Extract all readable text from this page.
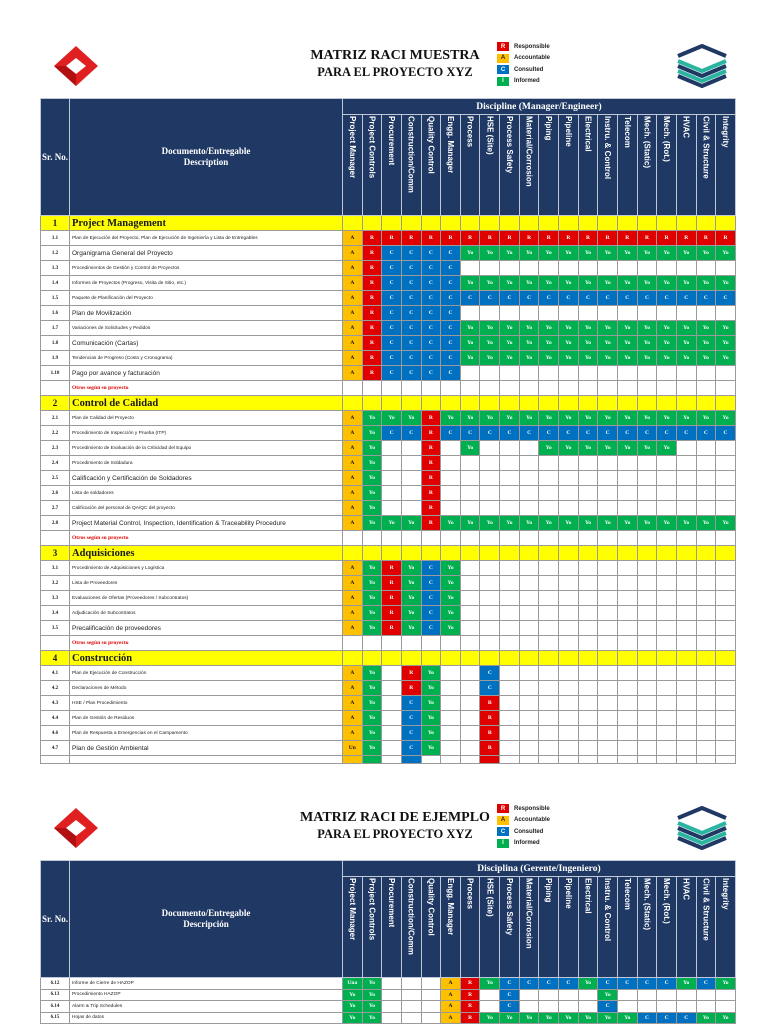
MATRIZ RACI MUESTRA
PARA EL PROYECTO XYZ
R	Responsible
A	Accountable
C	Consulted
I	Informed
Sr. No.	Documento/Entregable
Description	Discipline (Manager/Engineer)																			

		Project Manager	Project Controls	Procurement	Construction/Comm	Quality Control	Engg. Manager	Process	HSE (Site)	Process Safety	Material/Corrosion	Piping	Pipeline	Electrical	Instru. & Control	Telecom	Mech. (Static)	Mech. (Rot.)	HVAC	Civil & Structure	Integrity

1	Project Management																				
1.1	Plan de Ejecución del Proyecto, Plan de Ejecución de Ingeniería y Lista de Entregables	A	R	R	R	R	R	R	R	R	R	R	R	R	R	R	R	R	R	R	R
1.2	Organigrama General del Proyecto	A	R	C	C	C	C	Yo	Yo	Yo	Yo	Yo	Yo	Yo	Yo	Yo	Yo	Yo	Yo	Yo	Yo
1.3	Procedimientos de Gestión y Control de Proyectos	A	R	C	C	C	C														
1.4	Informes de Proyectos (Progreso, Visita de Sitio, etc.)	A	R	C	C	C	C	Yo	Yo	Yo	Yo	Yo	Yo	Yo	Yo	Yo	Yo	Yo	Yo	Yo	Yo
1.5	Paquete de Planificación del Proyecto	A	R	C	C	C	C	C	C	C	C	C	C	C	C	C	C	C	C	C	C
1.6	Plan de Movilización	A	R	C	C	C	C														
1.7	Variaciones de Solicitudes y Pedidos	A	R	C	C	C	C	Yo	Yo	Yo	Yo	Yo	Yo	Yo	Yo	Yo	Yo	Yo	Yo	Yo	Yo
1.8	Comunicación (Cartas)	A	R	C	C	C	C	Yo	Yo	Yo	Yo	Yo	Yo	Yo	Yo	Yo	Yo	Yo	Yo	Yo	Yo
1.9	Tendencias de Progreso (Costo y Cronograma)	A	R	C	C	C	C	Yo	Yo	Yo	Yo	Yo	Yo	Yo	Yo	Yo	Yo	Yo	Yo	Yo	Yo
1.10	Pago por avance y facturación	A	R	C	C	C	C														
	Otros según su proyecto																				
2	Control de Calidad																				
2.1	Plan de Calidad del Proyecto	A	Yo	Yo	Yo	R	Yo	Yo	Yo	Yo	Yo	Yo	Yo	Yo	Yo	Yo	Yo	Yo	Yo	Yo	Yo
2.2	Procedimiento de Inspección y Prueba (ITP)	A	Yo	C	C	R	C	C	C	C	C	C	C	C	C	C	C	C	C	C	C
2.3	Procedimiento de Evaluación de la Criticidad del Equipo	A	Yo			R		Yo				Yo	Yo	Yo	Yo	Yo	Yo	Yo			
2.4	Procedimiento de Soldadura	A	Yo			R															
2.5	Calificación y Certificación de Soldadores	A	Yo			R															
2.6	Lista de soldadores	A	Yo			R															
2.7	Calificación del personal de QA/QC del proyecto	A	Yo			R															
2.8	Project Material Control, Inspection, Identification & Traceability Procedure	A	Yo	Yo	Yo	R	Yo	Yo	Yo	Yo	Yo	Yo	Yo	Yo	Yo	Yo	Yo	Yo	Yo	Yo	Yo
	Otros según su proyecto																				
3	Adquisiciones																				
3.1	Procedimiento de Adquisiciones y Logística	A	Yo	R	Yo	C	Yo														
3.2	Lista de Proveedores	A	Yo	R	Yo	C	Yo														
3.3	Evaluaciones de Ofertas (Proveedores / Subcontratos)	A	Yo	R	Yo	C	Yo														
3.4	Adjudicación de Subcontratos	A	Yo	R	Yo	C	Yo														
3.5	Precalificación de proveedores	A	Yo	R	Yo	C	Yo														
	Otros según su proyecto																				
4	Construcción																				
4.1	Plan de Ejecución de Construcción	A	Yo		R	Yo			C												
4.2	Declaraciones de Método	A	Yo		R	Yo			C												
4.3	HSE / Plan Procedimiento	A	Yo		C	Yo			R												
4.4	Plan de Gestión de Residuos	A	Yo		C	Yo			R												
4.6	Plan de Respuesta a Emergencias en el Campamento	A	Yo		C	Yo			R												
4.7	Plan de Gestión Ambiental	Un	Yo		C	Yo			R												

MATRIZ RACI DE EJEMPLO
PARA EL PROYECTO XYZ
R	Responsible
A	Accountable
C	Consulted
I	Informed
Sr. No.	Documento/Entregable
Descripción	Disciplina (Gerente/Ingeniero)																			

		Project Manager	Project Controls	Procurement	Construction/Comm	Quality Control	Engg. Manager	Process	HSE (Site)	Process Safety	Material/Corrosion	Piping	Pipeline	Electrical	Instru. & Control	Telecom	Mech. (Static)	Mech. (Rot.)	HVAC	Civil & Structure	Integrity

6.12	Informe de Cierre de HAZOP	Una	Yo				A	R	Yo	C	C	C	C	Yo	C	C	C	C	Yo	C	Yo
6.13	Procedimiento HAZOP	Yo	Yo				A	R		C					Yo						
6.14	Alarm & Trip Schedules	Yo	Yo				A	R		C					C						
6.15	Hojas de datos	Yo	Yo				A	R	Yo	Yo	Yo	Yo	Yo	Yo	Yo	Yo	C	C	C	Yo	Yo
